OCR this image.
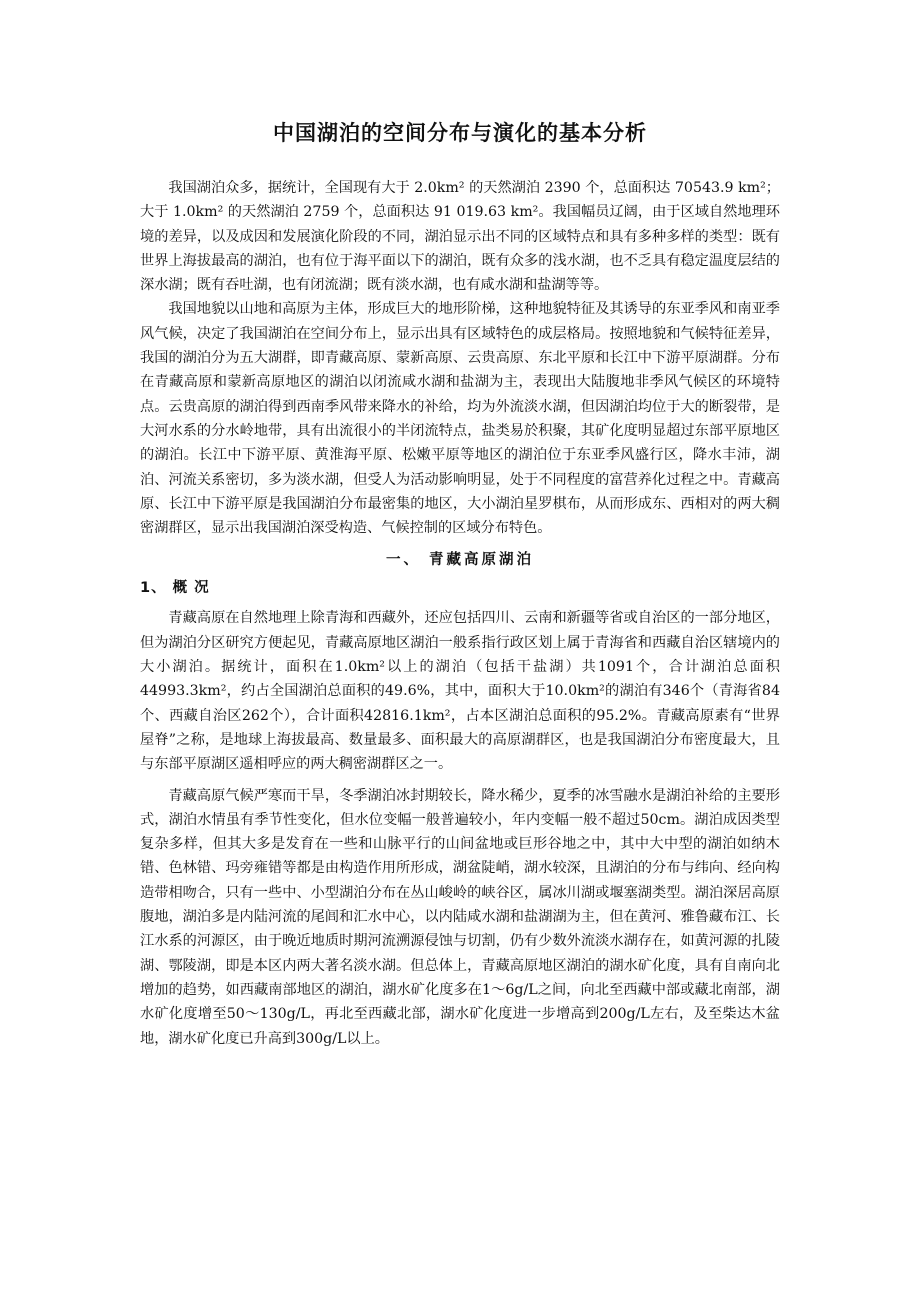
中国湖泊的空间分布与演化的基本分析

我国湖泊众多，据统计，全国现有大于 2.0km² 的天然湖泊 2390 个，总面积达 70543.9 km²；大于 1.0km² 的天然湖泊 2759 个，总面积达 91 019.63 km²。我国幅员辽阔，由于区域自然地理环境的差异，以及成因和发展演化阶段的不同，湖泊显示出不同的区域特点和具有多种多样的类型：既有世界上海拔最高的湖泊，也有位于海平面以下的湖泊，既有众多的浅水湖，也不乏具有稳定温度层结的深水湖；既有吞吐湖，也有闭流湖；既有淡水湖，也有咸水湖和盐湖等等。

我国地貌以山地和高原为主体，形成巨大的地形阶梯，这种地貌特征及其诱导的东亚季风和南亚季风气候，决定了我国湖泊在空间分布上，显示出具有区域特色的成层格局。按照地貌和气候特征差异，我国的湖泊分为五大湖群，即青藏高原、蒙新高原、云贵高原、东北平原和长江中下游平原湖群。分布在青藏高原和蒙新高原地区的湖泊以闭流咸水湖和盐湖为主，表现出大陆腹地非季风气候区的环境特点。云贵高原的湖泊得到西南季风带来降水的补给，均为外流淡水湖，但因湖泊均位于大的断裂带，是大河水系的分水岭地带，具有出流很小的半闭流特点，盐类易於积聚，其矿化度明显超过东部平原地区的湖泊。长江中下游平原、黄淮海平原、松嫩平原等地区的湖泊位于东亚季风盛行区，降水丰沛，湖泊、河流关系密切，多为淡水湖，但受人为活动影响明显，处于不同程度的富营养化过程之中。青藏高原、长江中下游平原是我国湖泊分布最密集的地区，大小湖泊星罗棋布，从而形成东、西相对的两大稠密湖群区，显示出我国湖泊深受构造、气候控制的区域分布特色。

一、 青藏高原湖泊
1、 概 况

青藏高原在自然地理上除青海和西藏外，还应包括四川、云南和新疆等省或自治区的一部分地区，但为湖泊分区研究方便起见，青藏高原地区湖泊一般系指行政区划上属于青海省和西藏自治区辖境内的大小湖泊。据统计，面积在1.0km²以上的湖泊（包括干盐湖）共1091个，合计湖泊总面积44993.3km²，约占全国湖泊总面积的49.6%，其中，面积大于10.0km²的湖泊有346个（青海省84个、西藏自治区262个），合计面积42816.1km²，占本区湖泊总面积的95.2%。青藏高原素有“世界屋脊”之称，是地球上海拔最高、数量最多、面积最大的高原湖群区，也是我国湖泊分布密度最大，且与东部平原湖区遥相呼应的两大稠密湖群区之一。

青藏高原气候严寒而干旱，冬季湖泊冰封期较长，降水稀少，夏季的冰雪融水是湖泊补给的主要形式，湖泊水情虽有季节性变化，但水位变幅一般普遍较小，年内变幅一般不超过50cm。湖泊成因类型复杂多样，但其大多是发育在一些和山脉平行的山间盆地或巨形谷地之中，其中大中型的湖泊如纳木错、色林错、玛旁雍错等都是由构造作用所形成，湖盆陡峭，湖水较深，且湖泊的分布与纬向、经向构造带相吻合，只有一些中、小型湖泊分布在丛山峻岭的峡谷区，属冰川湖或堰塞湖类型。湖泊深居高原腹地，湖泊多是内陆河流的尾闾和汇水中心，以内陆咸水湖和盐湖湖为主，但在黄河、雅鲁藏布江、长江水系的河源区，由于晚近地质时期河流溯源侵蚀与切割，仍有少数外流淡水湖存在，如黄河源的扎陵湖、鄂陵湖，即是本区内两大著名淡水湖。但总体上，青藏高原地区湖泊的湖水矿化度，具有自南向北增加的趋势，如西藏南部地区的湖泊，湖水矿化度多在1～6g/L之间，向北至西藏中部或藏北南部，湖水矿化度增至50～130g/L，再北至西藏北部，湖水矿化度进一步增高到200g/L左右，及至柴达木盆地，湖水矿化度已升高到300g/L以上。
